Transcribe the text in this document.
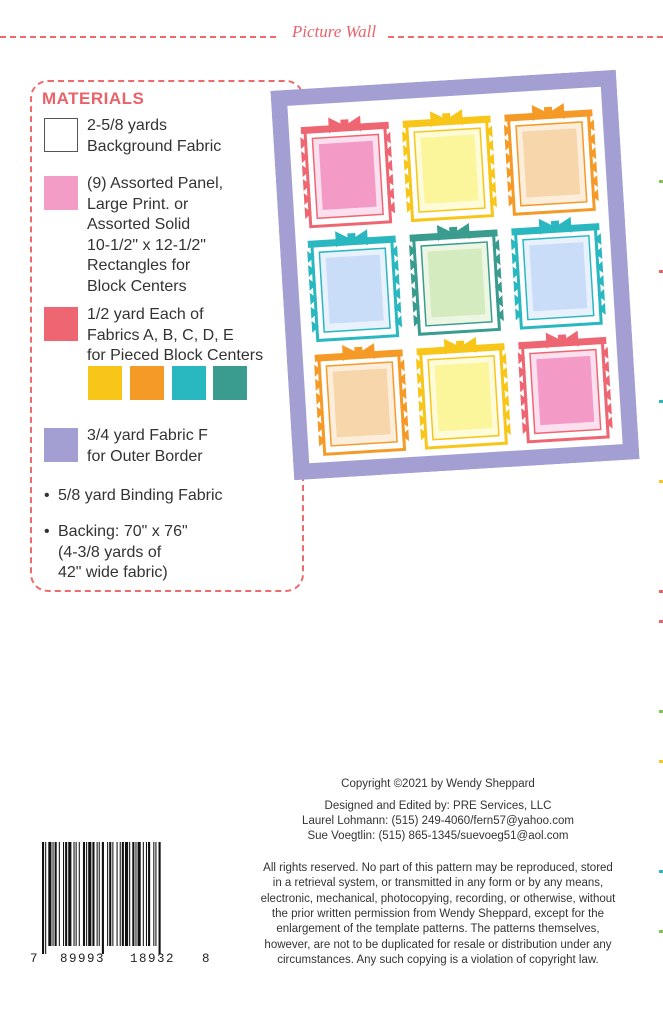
Picture Wall
MATERIALS
2-5/8 yards
Background Fabric
(9) Assorted Panel,
Large Print. or
Assorted Solid
10-1/2" x 12-1/2"
Rectangles for
Block Centers
1/2 yard Each of
Fabrics A, B, C, D, E
for Pieced Block Centers
3/4 yard Fabric F
for Outer Border
• 5/8 yard Binding Fabric
• Backing: 70" x 76"
(4-3/8 yards of
42" wide fabric)
Copyright ©2021 by Wendy Sheppard
Designed and Edited by: PRE Services, LLC
Laurel Lohmann: (515) 249-4060/fern57@yahoo.com
Sue Voegtlin: (515) 865-1345/suevoeg51@aol.com
All rights reserved. No part of this pattern may be reproduced, stored
in a retrieval system, or transmitted in any form or by any means,
electronic, mechanical, photocopying, recording, or otherwise, without
the prior written permission from Wendy Sheppard, except for the
enlargement of the template patterns. The patterns themselves,
however, are not to be duplicated for resale or distribution under any
circumstances. Any such copying is a violation of copyright law.
7 89993 18932 8
